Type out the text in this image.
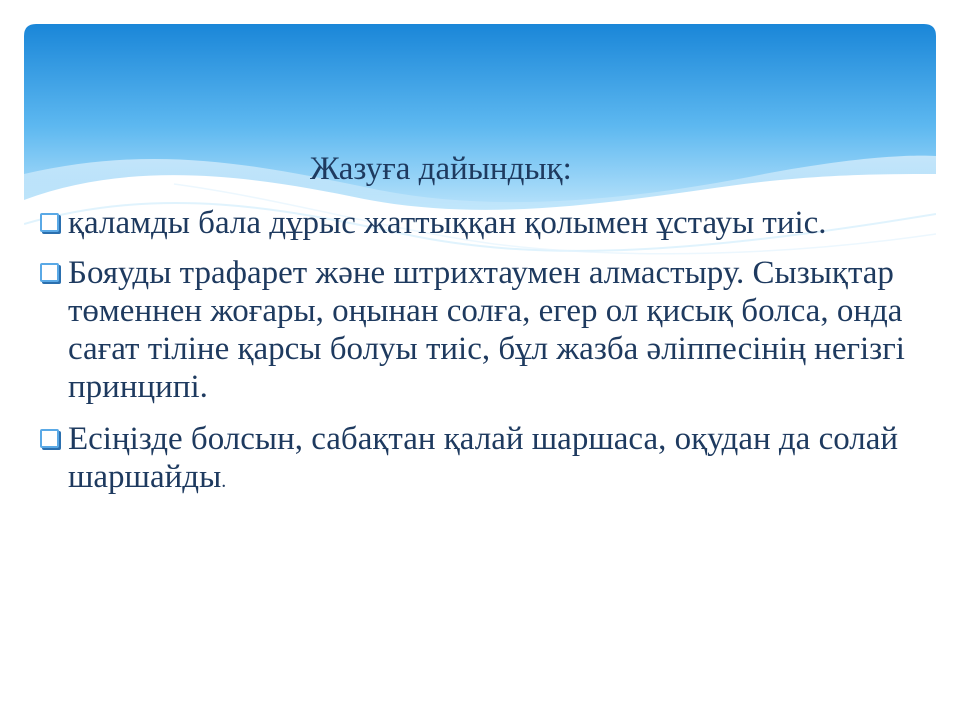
Жазуға дайындық:
қаламды бала дұрыс жаттыққан қолымен ұстауы тиіс.
Бояуды трафарет және штрихтаумен алмастыру. Сызықтар төменнен жоғары, оңынан солға, егер ол қисық болса, онда сағат тіліне қарсы болуы тиіс, бұл жазба әліппесінің негізгі принципі.
Есіңізде болсын, сабақтан қалай шаршаса, оқудан да солай шаршайды.
